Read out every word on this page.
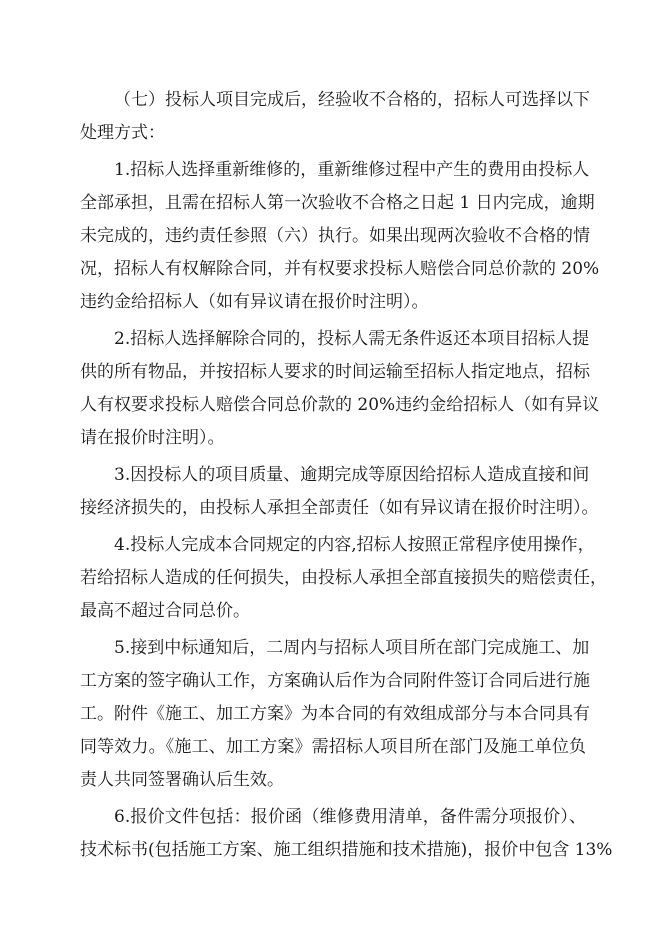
（七）投标人项目完成后，经验收不合格的，招标人可选择以下
处理方式：
1.招标人选择重新维修的，重新维修过程中产生的费用由投标人
全部承担，且需在招标人第一次验收不合格之日起 1 日内完成，逾期
未完成的，违约责任参照（六）执行。如果出现两次验收不合格的情
况，招标人有权解除合同，并有权要求投标人赔偿合同总价款的 20%
违约金给招标人（如有异议请在报价时注明）。
2.招标人选择解除合同的，投标人需无条件返还本项目招标人提
供的所有物品，并按招标人要求的时间运输至招标人指定地点，招标
人有权要求投标人赔偿合同总价款的 20%违约金给招标人（如有异议
请在报价时注明）。
3.因投标人的项目质量、逾期完成等原因给招标人造成直接和间
接经济损失的，由投标人承担全部责任（如有异议请在报价时注明）。
4.投标人完成本合同规定的内容,招标人按照正常程序使用操作，
若给招标人造成的任何损失，由投标人承担全部直接损失的赔偿责任，
最高不超过合同总价。
5.接到中标通知后，二周内与招标人项目所在部门完成施工、加
工方案的签字确认工作，方案确认后作为合同附件签订合同后进行施
工。附件《施工、加工方案》为本合同的有效组成部分与本合同具有
同等效力。《施工、加工方案》需招标人项目所在部门及施工单位负
责人共同签署确认后生效。
6.报价文件包括：报价函（维修费用清单，备件需分项报价）、
技术标书(包括施工方案、施工组织措施和技术措施)，报价中包含 13%
